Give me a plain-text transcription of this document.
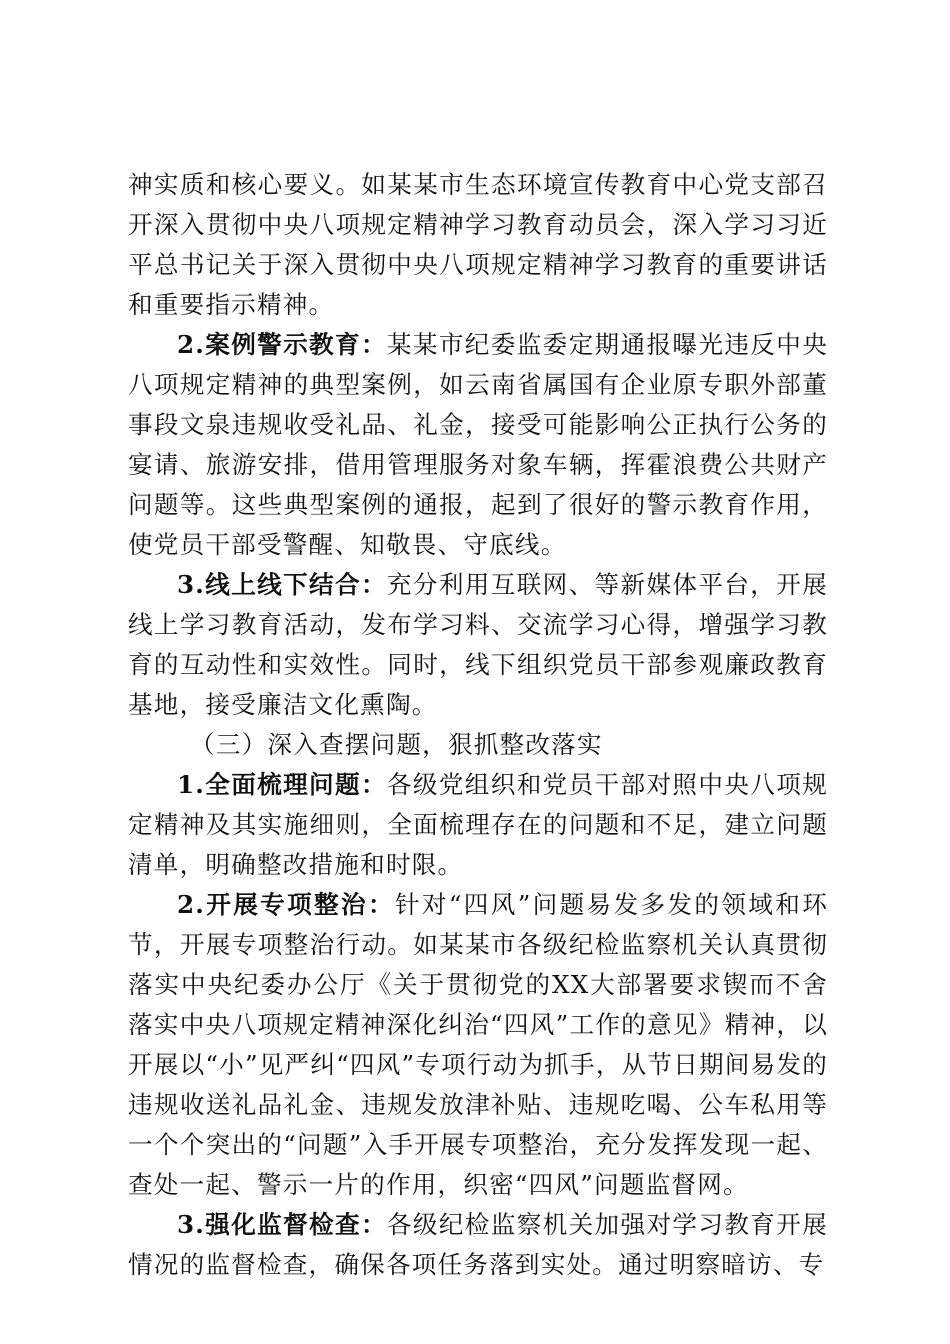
神实质和核心要义。如某某市生态环境宣传教育中心党支部召开深入贯彻中央八项规定精神学习教育动员会，深入学习习近平总书记关于深入贯彻中央八项规定精神学习教育的重要讲话和重要指示精神。

2.案例警示教育：某某市纪委监委定期通报曝光违反中央八项规定精神的典型案例，如云南省属国有企业原专职外部董事段文泉违规收受礼品、礼金，接受可能影响公正执行公务的宴请、旅游安排，借用管理服务对象车辆，挥霍浪费公共财产问题等。这些典型案例的通报，起到了很好的警示教育作用，使党员干部受警醒、知敬畏、守底线。

3.线上线下结合：充分利用互联网、等新媒体平台，开展线上学习教育活动，发布学习料、交流学习心得，增强学习教育的互动性和实效性。同时，线下组织党员干部参观廉政教育基地，接受廉洁文化熏陶。

（三）深入查摆问题，狠抓整改落实

1.全面梳理问题：各级党组织和党员干部对照中央八项规定精神及其实施细则，全面梳理存在的问题和不足，建立问题清单，明确整改措施和时限。

2.开展专项整治：针对“四风”问题易发多发的领域和环节，开展专项整治行动。如某某市各级纪检监察机关认真贯彻落实中央纪委办公厅《关于贯彻党的XX大部署要求锲而不舍落实中央八项规定精神深化纠治“四风”工作的意见》精神，以开展以“小”见严纠“四风”专项行动为抓手，从节日期间易发的违规收送礼品礼金、违规发放津补贴、违规吃喝、公车私用等一个个突出的“问题”入手开展专项整治，充分发挥发现一起、查处一起、警示一片的作用，织密“四风”问题监督网。

3.强化监督检查：各级纪检监察机关加强对学习教育开展情况的监督检查，确保各项任务落到实处。通过明察暗访、专
